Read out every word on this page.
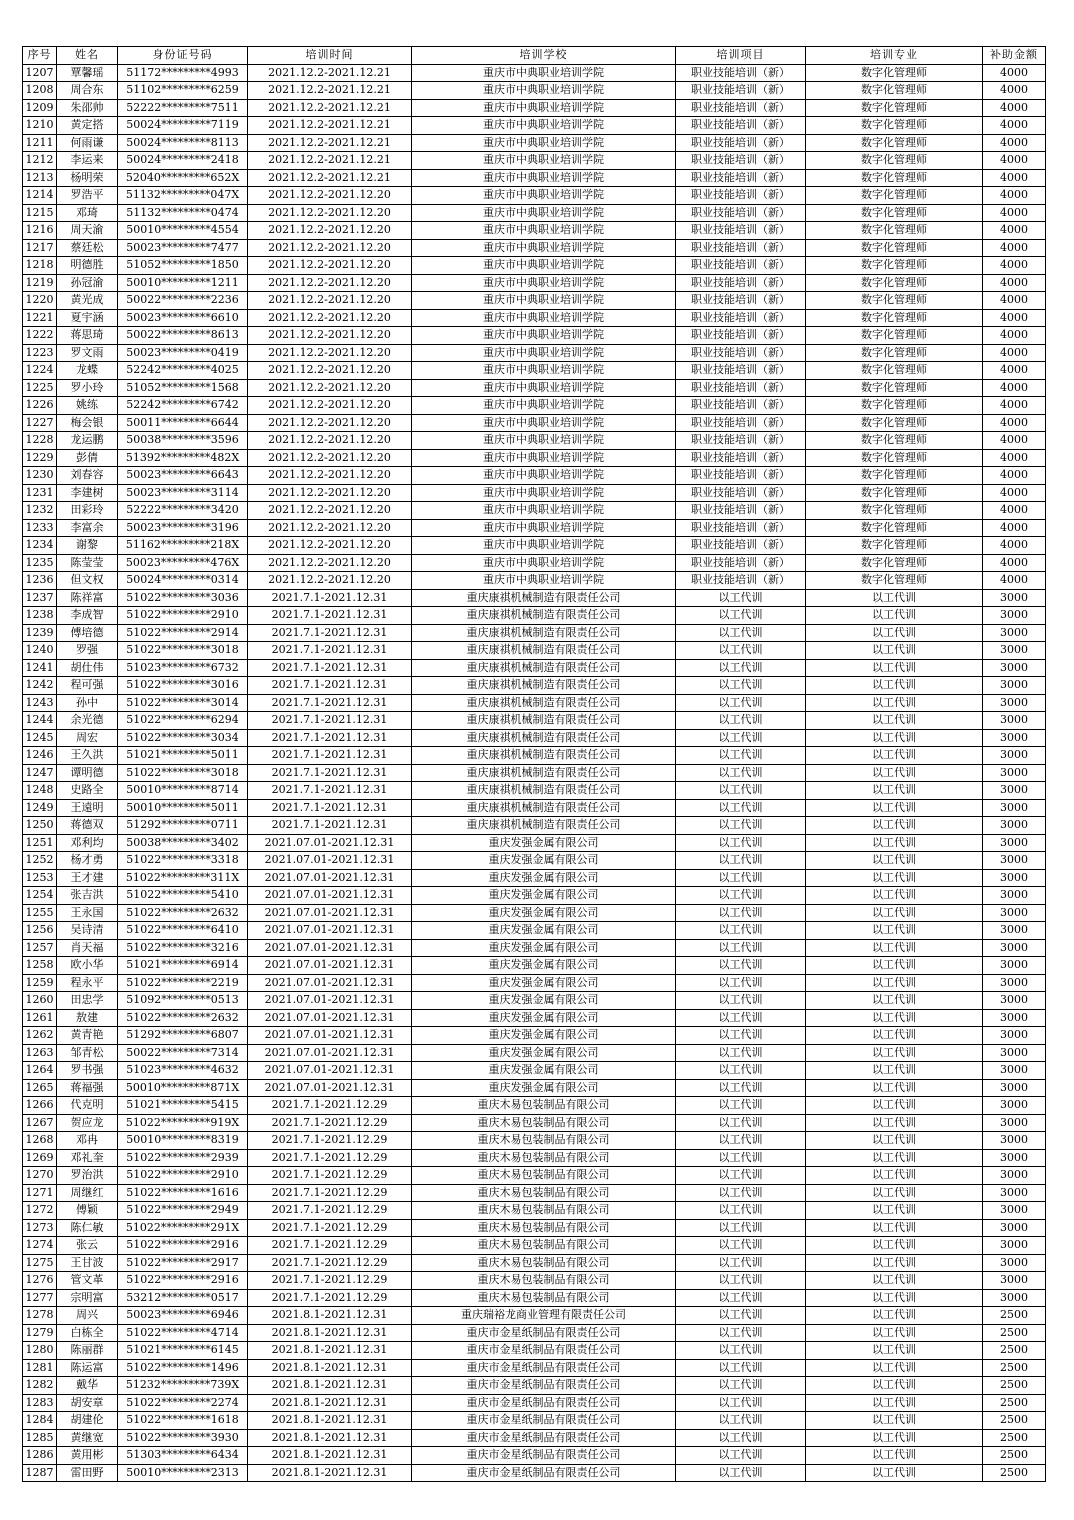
序号	姓名	身份证号码	培训时间	培训学校	培训项目	培训专业	补助金额
1207	覃馨瑶	51172*********4993	2021.12.2-2021.12.21	重庆市中典职业培训学院	职业技能培训（新）	数字化管理师	4000
1208	周合东	51102*********6259	2021.12.2-2021.12.21	重庆市中典职业培训学院	职业技能培训（新）	数字化管理师	4000
1209	朱邵帅	52222*********7511	2021.12.2-2021.12.21	重庆市中典职业培训学院	职业技能培训（新）	数字化管理师	4000
1210	黄定搭	50024*********7119	2021.12.2-2021.12.21	重庆市中典职业培训学院	职业技能培训（新）	数字化管理师	4000
1211	何雨谦	50024*********8113	2021.12.2-2021.12.21	重庆市中典职业培训学院	职业技能培训（新）	数字化管理师	4000
1212	李运来	50024*********2418	2021.12.2-2021.12.21	重庆市中典职业培训学院	职业技能培训（新）	数字化管理师	4000
1213	杨明荣	52040*********652X	2021.12.2-2021.12.21	重庆市中典职业培训学院	职业技能培训（新）	数字化管理师	4000
1214	罗浩平	51132*********047X	2021.12.2-2021.12.20	重庆市中典职业培训学院	职业技能培训（新）	数字化管理师	4000
1215	邓琦	51132*********0474	2021.12.2-2021.12.20	重庆市中典职业培训学院	职业技能培训（新）	数字化管理师	4000
1216	周天渝	50010*********4554	2021.12.2-2021.12.20	重庆市中典职业培训学院	职业技能培训（新）	数字化管理师	4000
1217	蔡廷松	50023*********7477	2021.12.2-2021.12.20	重庆市中典职业培训学院	职业技能培训（新）	数字化管理师	4000
1218	明德胜	51052*********1850	2021.12.2-2021.12.20	重庆市中典职业培训学院	职业技能培训（新）	数字化管理师	4000
1219	孙冠渝	50010*********1211	2021.12.2-2021.12.20	重庆市中典职业培训学院	职业技能培训（新）	数字化管理师	4000
1220	黄光成	50022*********2236	2021.12.2-2021.12.20	重庆市中典职业培训学院	职业技能培训（新）	数字化管理师	4000
1221	夏宇涵	50023*********6610	2021.12.2-2021.12.20	重庆市中典职业培训学院	职业技能培训（新）	数字化管理师	4000
1222	蒋思琦	50022*********8613	2021.12.2-2021.12.20	重庆市中典职业培训学院	职业技能培训（新）	数字化管理师	4000
1223	罗文雨	50023*********0419	2021.12.2-2021.12.20	重庆市中典职业培训学院	职业技能培训（新）	数字化管理师	4000
1224	龙蝶	52242*********4025	2021.12.2-2021.12.20	重庆市中典职业培训学院	职业技能培训（新）	数字化管理师	4000
1225	罗小玲	51052*********1568	2021.12.2-2021.12.20	重庆市中典职业培训学院	职业技能培训（新）	数字化管理师	4000
1226	姚练	52242*********6742	2021.12.2-2021.12.20	重庆市中典职业培训学院	职业技能培训（新）	数字化管理师	4000
1227	梅会银	50011*********6644	2021.12.2-2021.12.20	重庆市中典职业培训学院	职业技能培训（新）	数字化管理师	4000
1228	龙运鹏	50038*********3596	2021.12.2-2021.12.20	重庆市中典职业培训学院	职业技能培训（新）	数字化管理师	4000
1229	彭倩	51392*********482X	2021.12.2-2021.12.20	重庆市中典职业培训学院	职业技能培训（新）	数字化管理师	4000
1230	刘春容	50023*********6643	2021.12.2-2021.12.20	重庆市中典职业培训学院	职业技能培训（新）	数字化管理师	4000
1231	李建树	50023*********3114	2021.12.2-2021.12.20	重庆市中典职业培训学院	职业技能培训（新）	数字化管理师	4000
1232	田彩玲	52222*********3420	2021.12.2-2021.12.20	重庆市中典职业培训学院	职业技能培训（新）	数字化管理师	4000
1233	李富余	50023*********3196	2021.12.2-2021.12.20	重庆市中典职业培训学院	职业技能培训（新）	数字化管理师	4000
1234	谢黎	51162*********218X	2021.12.2-2021.12.20	重庆市中典职业培训学院	职业技能培训（新）	数字化管理师	4000
1235	陈莹莹	50023*********476X	2021.12.2-2021.12.20	重庆市中典职业培训学院	职业技能培训（新）	数字化管理师	4000
1236	但文权	50024*********0314	2021.12.2-2021.12.20	重庆市中典职业培训学院	职业技能培训（新）	数字化管理师	4000
1237	陈祥富	51022*********3036	2021.7.1-2021.12.31	重庆康祺机械制造有限责任公司	以工代训	以工代训	3000
1238	李成智	51022*********2910	2021.7.1-2021.12.31	重庆康祺机械制造有限责任公司	以工代训	以工代训	3000
1239	傅培德	51022*********2914	2021.7.1-2021.12.31	重庆康祺机械制造有限责任公司	以工代训	以工代训	3000
1240	罗强	51022*********3018	2021.7.1-2021.12.31	重庆康祺机械制造有限责任公司	以工代训	以工代训	3000
1241	胡仕伟	51023*********6732	2021.7.1-2021.12.31	重庆康祺机械制造有限责任公司	以工代训	以工代训	3000
1242	程可强	51022*********3016	2021.7.1-2021.12.31	重庆康祺机械制造有限责任公司	以工代训	以工代训	3000
1243	孙中	51022*********3014	2021.7.1-2021.12.31	重庆康祺机械制造有限责任公司	以工代训	以工代训	3000
1244	余光德	51022*********6294	2021.7.1-2021.12.31	重庆康祺机械制造有限责任公司	以工代训	以工代训	3000
1245	周宏	51022*********3034	2021.7.1-2021.12.31	重庆康祺机械制造有限责任公司	以工代训	以工代训	3000
1246	王久洪	51021*********5011	2021.7.1-2021.12.31	重庆康祺机械制造有限责任公司	以工代训	以工代训	3000
1247	谭明德	51022*********3018	2021.7.1-2021.12.31	重庆康祺机械制造有限责任公司	以工代训	以工代训	3000
1248	史路全	50010*********8714	2021.7.1-2021.12.31	重庆康祺机械制造有限责任公司	以工代训	以工代训	3000
1249	王遠明	50010*********5011	2021.7.1-2021.12.31	重庆康祺机械制造有限责任公司	以工代训	以工代训	3000
1250	蒋德双	51292*********0711	2021.7.1-2021.12.31	重庆康祺机械制造有限责任公司	以工代训	以工代训	3000
1251	邓利均	50038*********3402	2021.07.01-2021.12.31	重庆发强金属有限公司	以工代训	以工代训	3000
1252	杨才勇	51022*********3318	2021.07.01-2021.12.31	重庆发强金属有限公司	以工代训	以工代训	3000
1253	王才建	51022*********311X	2021.07.01-2021.12.31	重庆发强金属有限公司	以工代训	以工代训	3000
1254	张吉洪	51022*********5410	2021.07.01-2021.12.31	重庆发强金属有限公司	以工代训	以工代训	3000
1255	王永国	51022*********2632	2021.07.01-2021.12.31	重庆发强金属有限公司	以工代训	以工代训	3000
1256	吴诗清	51022*********6410	2021.07.01-2021.12.31	重庆发强金属有限公司	以工代训	以工代训	3000
1257	肖天福	51022*********3216	2021.07.01-2021.12.31	重庆发强金属有限公司	以工代训	以工代训	3000
1258	欧小华	51021*********6914	2021.07.01-2021.12.31	重庆发强金属有限公司	以工代训	以工代训	3000
1259	程永平	51022*********2219	2021.07.01-2021.12.31	重庆发强金属有限公司	以工代训	以工代训	3000
1260	田忠学	51092*********0513	2021.07.01-2021.12.31	重庆发强金属有限公司	以工代训	以工代训	3000
1261	敖建	51022*********2632	2021.07.01-2021.12.31	重庆发强金属有限公司	以工代训	以工代训	3000
1262	黄青艳	51292*********6807	2021.07.01-2021.12.31	重庆发强金属有限公司	以工代训	以工代训	3000
1263	邹青松	50022*********7314	2021.07.01-2021.12.31	重庆发强金属有限公司	以工代训	以工代训	3000
1264	罗书强	51023*********4632	2021.07.01-2021.12.31	重庆发强金属有限公司	以工代训	以工代训	3000
1265	蒋福强	50010*********871X	2021.07.01-2021.12.31	重庆发强金属有限公司	以工代训	以工代训	3000
1266	代克明	51021*********5415	2021.7.1-2021.12.29	重庆木易包装制品有限公司	以工代训	以工代训	3000
1267	贺应龙	51022*********919X	2021.7.1-2021.12.29	重庆木易包装制品有限公司	以工代训	以工代训	3000
1268	邓冉	50010*********8319	2021.7.1-2021.12.29	重庆木易包装制品有限公司	以工代训	以工代训	3000
1269	邓礼奎	51022*********2939	2021.7.1-2021.12.29	重庆木易包装制品有限公司	以工代训	以工代训	3000
1270	罗治洪	51022*********2910	2021.7.1-2021.12.29	重庆木易包装制品有限公司	以工代训	以工代训	3000
1271	周继红	51022*********1616	2021.7.1-2021.12.29	重庆木易包装制品有限公司	以工代训	以工代训	3000
1272	傅颖	51022*********2949	2021.7.1-2021.12.29	重庆木易包装制品有限公司	以工代训	以工代训	3000
1273	陈仁敏	51022*********291X	2021.7.1-2021.12.29	重庆木易包装制品有限公司	以工代训	以工代训	3000
1274	张云	51022*********2916	2021.7.1-2021.12.29	重庆木易包装制品有限公司	以工代训	以工代训	3000
1275	王甘波	51022*********2917	2021.7.1-2021.12.29	重庆木易包装制品有限公司	以工代训	以工代训	3000
1276	管文革	51022*********2916	2021.7.1-2021.12.29	重庆木易包装制品有限公司	以工代训	以工代训	3000
1277	宗明富	53212*********0517	2021.7.1-2021.12.29	重庆木易包装制品有限公司	以工代训	以工代训	3000
1278	周兴	50023*********6946	2021.8.1-2021.12.31	重庆瑞裕龙商业管理有限责任公司	以工代训	以工代训	2500
1279	白栋全	51022*********4714	2021.8.1-2021.12.31	重庆市金星纸制品有限责任公司	以工代训	以工代训	2500
1280	陈丽群	51021*********6145	2021.8.1-2021.12.31	重庆市金星纸制品有限责任公司	以工代训	以工代训	2500
1281	陈运富	51022*********1496	2021.8.1-2021.12.31	重庆市金星纸制品有限责任公司	以工代训	以工代训	2500
1282	戴华	51232*********739X	2021.8.1-2021.12.31	重庆市金星纸制品有限责任公司	以工代训	以工代训	2500
1283	胡安章	51022*********2274	2021.8.1-2021.12.31	重庆市金星纸制品有限责任公司	以工代训	以工代训	2500
1284	胡建伦	51022*********1618	2021.8.1-2021.12.31	重庆市金星纸制品有限责任公司	以工代训	以工代训	2500
1285	黄继宽	51022*********3930	2021.8.1-2021.12.31	重庆市金星纸制品有限责任公司	以工代训	以工代训	2500
1286	黄用彬	51303*********6434	2021.8.1-2021.12.31	重庆市金星纸制品有限责任公司	以工代训	以工代训	2500
1287	雷田野	50010*********2313	2021.8.1-2021.12.31	重庆市金星纸制品有限责任公司	以工代训	以工代训	2500
